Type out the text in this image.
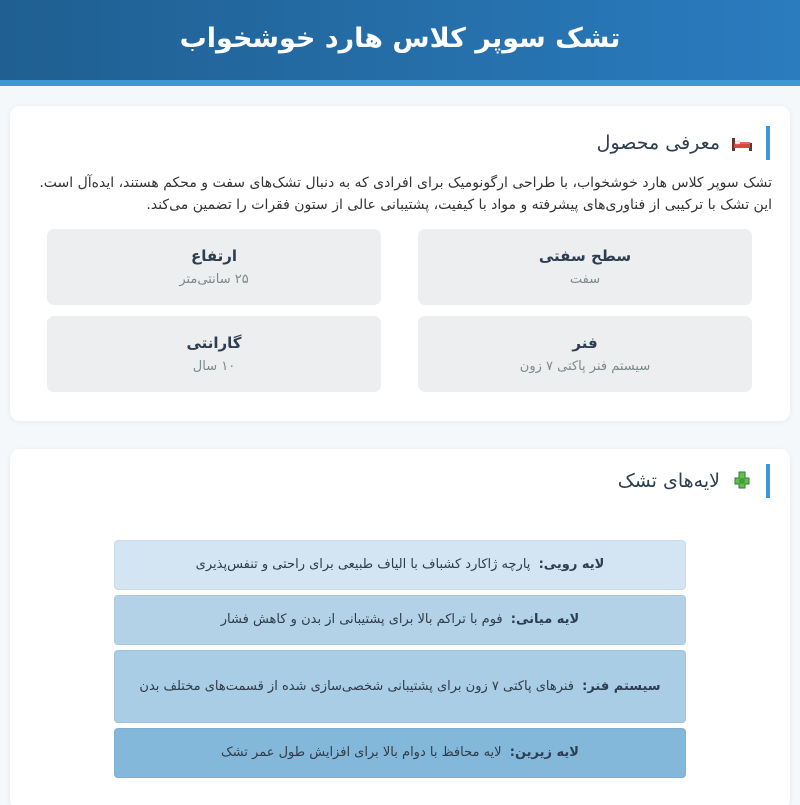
تشک سوپر کلاس هارد خوشخواب
معرفی محصول

تشک سوپر کلاس هارد خوشخواب، با طراحی ارگونومیک برای افرادی که به دنبال تشک‌های سفت و محکم هستند، ایده‌آل است. این تشک با ترکیبی از فناوری‌های پیشرفته و مواد با کیفیت، پشتیبانی عالی از ستون فقرات را تضمین می‌کند.

سطح سفتی
سفت
ارتفاع
۲۵ سانتی‌متر
فنر
سیستم فنر پاکتی ۷ زون
گارانتی
۱۰ سال
لایه‌های تشک
لایه رویی: پارچه ژاکارد کشباف با الیاف طبیعی برای راحتی و تنفس‌پذیری
لایه میانی: فوم با تراکم بالا برای پشتیبانی از بدن و کاهش فشار
سیستم فنر: فنرهای پاکتی ۷ زون برای پشتیبانی شخصی‌سازی شده از قسمت‌های مختلف بدن
لایه زیرین: لایه محافظ با دوام بالا برای افزایش طول عمر تشک
